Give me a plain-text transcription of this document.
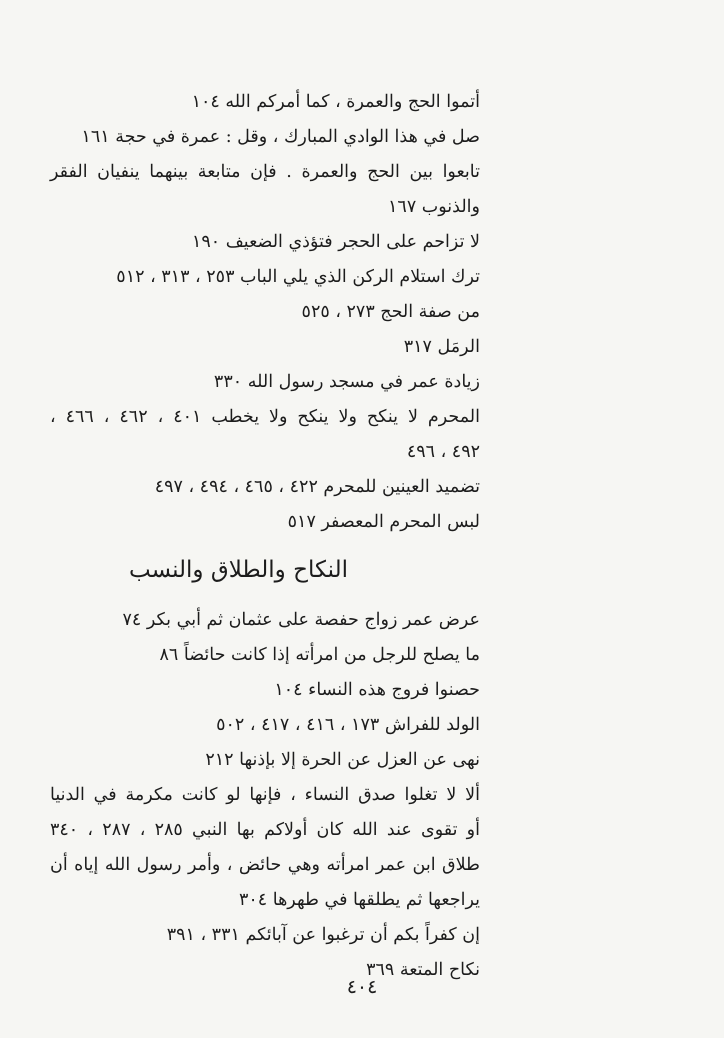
أتموا الحج والعمرة ، كما أمركم الله ١٠٤
صل في هذا الوادي المبارك ، وقل : عمرة في حجة ١٦١
تابعوا بين الحج والعمرة . فإن متابعة بينهما ينفيان الفقر
والذنوب ١٦٧
لا تزاحم على الحجر فتؤذي الضعيف ١٩٠
ترك استلام الركن الذي يلي الباب ٢٥٣ ، ٣١٣ ، ٥١٢
من صفة الحج ٢٧٣ ، ٥٢٥
الرمَل ٣١٧
زيادة عمر في مسجد رسول الله ٣٣٠
المحرم لا ينكح ولا ينكح ولا يخطب ٤٠١ ، ٤٦٢ ، ٤٦٦ ،
٤٩٢ ، ٤٩٦
تضميد العينين للمحرم ٤٢٢ ، ٤٦٥ ، ٤٩٤ ، ٤٩٧
لبس المحرم المعصفر ٥١٧
النكاح والطلاق والنسب
عرض عمر زواج حفصة على عثمان ثم أبي بكر ٧٤
ما يصلح للرجل من امرأته إذا كانت حائضاً ٨٦
حصنوا فروج هذه النساء ١٠٤
الولد للفراش ١٧٣ ، ٤١٦ ، ٤١٧ ، ٥٠٢
نهى عن العزل عن الحرة إلا بإذنها ٢١٢
ألا لا تغلوا صدق النساء ، فإنها لو كانت مكرمة في الدنيا
أو تقوى عند الله كان أولاكم بها النبي ٢٨٥ ، ٢٨٧ ، ٣٤٠
طلاق ابن عمر امرأته وهي حائض ، وأمر رسول الله إياه أن
يراجعها ثم يطلقها في طهرها ٣٠٤
إن كفراً بكم أن ترغبوا عن آبائكم ٣٣١ ، ٣٩١
نكاح المتعة ٣٦٩
٤٠٤
